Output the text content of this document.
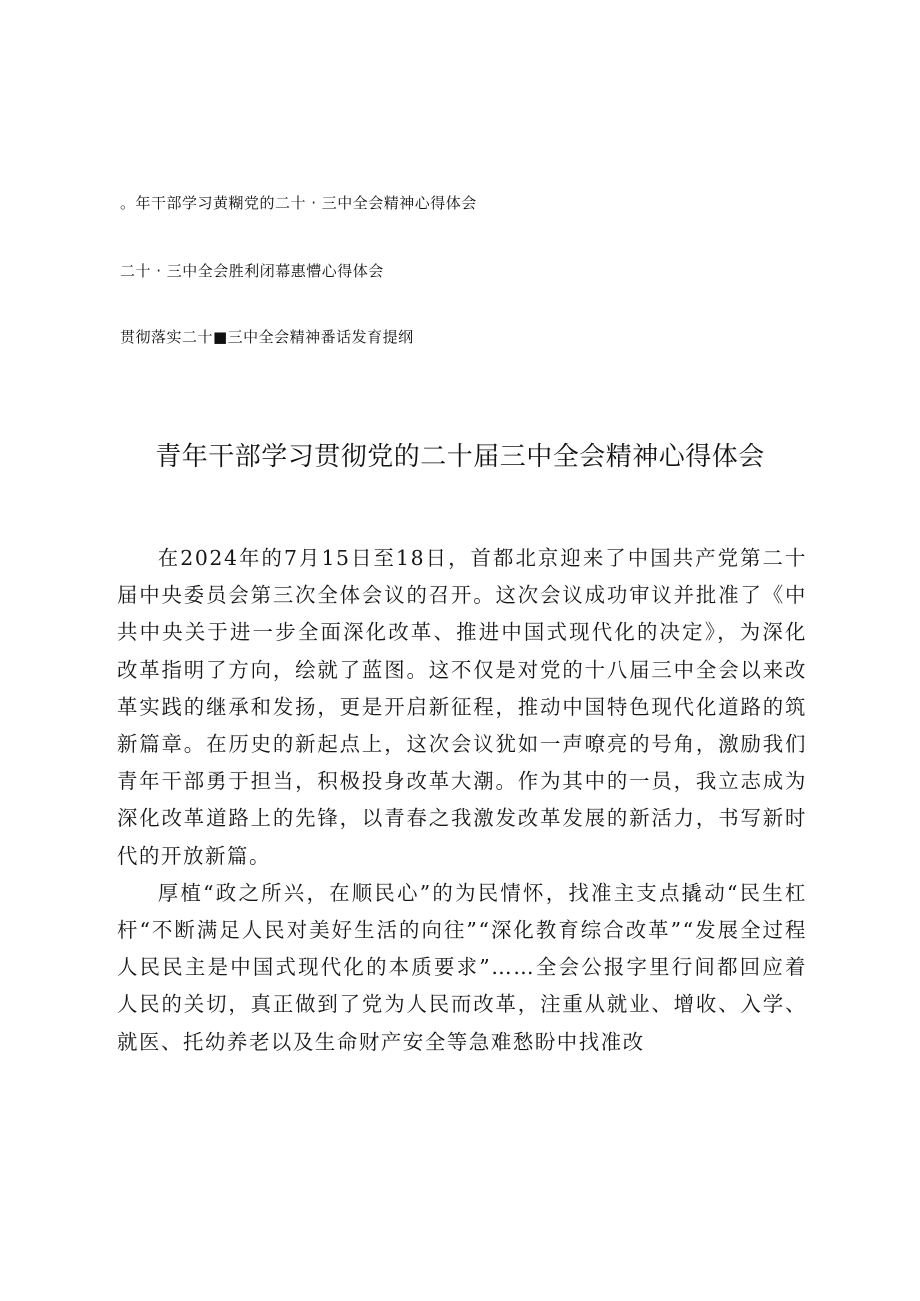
。年干部学习黄糊党的二十 · 三中全会精神心得体会
二十 · 三中全会胜利闭幕惠懵心得体会
贯彻落实二十■三中全会精神番话发育提纲
青年干部学习贯彻党的二十届三中全会精神心得体会

在2024年的7月15日至18日，首都北京迎来了中国共产党第二十届中央委员会第三次全体会议的召开。这次会议成功审议并批准了《中共中央关于进一步全面深化改革、推进中国式现代化的决定》，为深化改革指明了方向，绘就了蓝图。这不仅是对党的十八届三中全会以来改革实践的继承和发扬，更是开启新征程，推动中国特色现代化道路的筑新篇章。在历史的新起点上，这次会议犹如一声嘹亮的号角，激励我们青年干部勇于担当，积极投身改革大潮。作为其中的一员，我立志成为深化改革道路上的先锋，以青春之我激发改革发展的新活力，书写新时代的开放新篇。

厚植“政之所兴，在顺民心”的为民情怀，找准主支点撬动“民生杠杆“不断满足人民对美好生活的向往”“深化教育综合改革”“发展全过程人民民主是中国式现代化的本质要求”……全会公报字里行间都回应着人民的关切，真正做到了党为人民而改革，注重从就业、增收、入学、就医、托幼养老以及生命财产安全等急难愁盼中找准改
